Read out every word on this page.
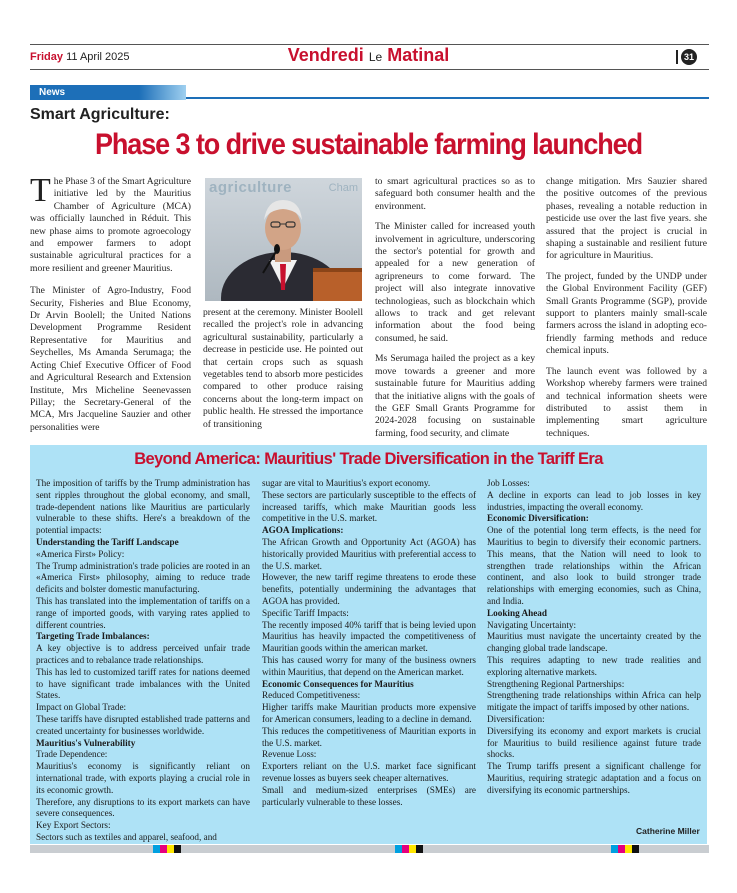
Friday 11 April 2025	Vendredi Le Matinal	31
News
Smart Agriculture:
Phase 3 to drive sustainable farming launched

The Phase 3 of the Smart Agriculture initiative led by the Mauritius Chamber of Agriculture (MCA) was officially launched in Réduit. This new phase aims to promote agroecology and empower farmers to adopt sustainable agricultural practices for a more resilient and greener Mauritius.

The Minister of Agro-Industry, Food Security, Fisheries and Blue Economy, Dr Arvin Boolell; the United Nations Development Programme Resident Representative for Mauritius and Seychelles, Ms Amanda Serumaga; the Acting Chief Executive Officer of Food and Agricultural Research and Extension Institute, Mrs Micheline Seenevassen Pillay; the Secretary-General of the MCA, Mrs Jacqueline Sauzier and other personalities were

agriculture	Cham

present at the ceremony. Minister Boolell recalled the project's role in advancing agricultural sustainability, particularly a decrease in pesticide use. He pointed out that certain crops such as squash vegetables tend to absorb more pesticides compared to other produce raising concerns about the long-term impact on public health. He stressed the importance of transitioning

to smart agricultural practices so as to safeguard both consumer health and the environment.

The Minister called for increased youth involvement in agriculture, underscoring the sector's potential for growth and appealed for a new generation of agripreneurs to come forward. The project will also integrate innovative technologieas, such as blockchain which allows to track and get relevant information about the food being consumed, he said.

Ms Serumaga hailed the project as a key move towards a greener and more sustainable future for Mauritius adding that the initiative aligns with the goals of the GEF Small Grants Programme for 2024-2028 focusing on sustainable farming, food security, and climate

change mitigation. Mrs Sauzier shared the positive outcomes of the previous phases, revealing a notable reduction in pesticide use over the last five years. she assured that the project is crucial in shaping a sustainable and resilient future for agriculture in Mauritius.

The project, funded by the UNDP under the Global Environment Facility (GEF) Small Grants Programme (SGP), provide support to planters mainly small-scale farmers across the island in adopting eco-friendly farming methods and reduce chemical inputs.

The launch event was followed by a Workshop whereby farmers were trained and technical information sheets were distributed to assist them in implementing smart agriculture techniques.

Beyond America: Mauritius' Trade Diversification in the Tariff Era
The imposition of tariffs by the Trump administration has sent ripples throughout the global economy, and small, trade-dependent nations like Mauritius are particularly vulnerable to these shifts. Here's a breakdown of the potential impacts:
Understanding the Tariff Landscape
«America First» Policy:
The Trump administration's trade policies are rooted in an «America First» philosophy, aiming to reduce trade deficits and bolster domestic manufacturing.
This has translated into the implementation of tariffs on a range of imported goods, with varying rates applied to different countries.
Targeting Trade Imbalances:
A key objective is to address perceived unfair trade practices and to rebalance trade relationships.
This has led to customized tariff rates for nations deemed to have significant trade imbalances with the United States.
Impact on Global Trade:
These tariffs have disrupted established trade patterns and created uncertainty for businesses worldwide.
Mauritius's Vulnerability
Trade Dependence:
Mauritius's economy is significantly reliant on international trade, with exports playing a crucial role in its economic growth.
Therefore, any disruptions to its export markets can have severe consequences.
Key Export Sectors:
Sectors such as textiles and apparel, seafood, and
sugar are vital to Mauritius's export economy.
These sectors are particularly susceptible to the effects of increased tariffs, which make Mauritian goods less competitive in the U.S. market.
AGOA Implications:
The African Growth and Opportunity Act (AGOA) has historically provided Mauritius with preferential access to the U.S. market.
However, the new tariff regime threatens to erode these benefits, potentially undermining the advantages that AGOA has provided.
Specific Tariff Impacts:
The recently imposed 40% tariff that is being levied upon Mauritius has heavily impacted the competitiveness of Mauritian goods within the american market.
This has caused worry for many of the business owners within Mauritius, that depend on the American market.
Economic Consequences for Mauritius
Reduced Competitiveness:
Higher tariffs make Mauritian products more expensive for American consumers, leading to a decline in demand.
This reduces the competitiveness of Mauritian exports in the U.S. market.
Revenue Loss:
Exporters reliant on the U.S. market face significant revenue losses as buyers seek cheaper alternatives.
Small and medium-sized enterprises (SMEs) are particularly vulnerable to these losses.
Job Losses:
A decline in exports can lead to job losses in key industries, impacting the overall economy.
Economic Diversification:
One of the potential long term effects, is the need for Mauritius to begin to diversify their economic partners. This means, that the Nation will need to look to strengthen trade relationships within the African continent, and also look to build stronger trade relationships with emerging economies, such as China, and India.
Looking Ahead
Navigating Uncertainty:
Mauritius must navigate the uncertainty created by the changing global trade landscape.
This requires adapting to new trade realities and exploring alternative markets.
Strengthening Regional Partnerships:
Strengthening trade relationships within Africa can help mitigate the impact of tariffs imposed by other nations.
Diversification:
Diversifying its economy and export markets is crucial for Mauritius to build resilience against future trade shocks.
The Trump tariffs present a significant challenge for Mauritius, requiring strategic adaptation and a focus on diversifying its economic partnerships.
Catherine Miller
